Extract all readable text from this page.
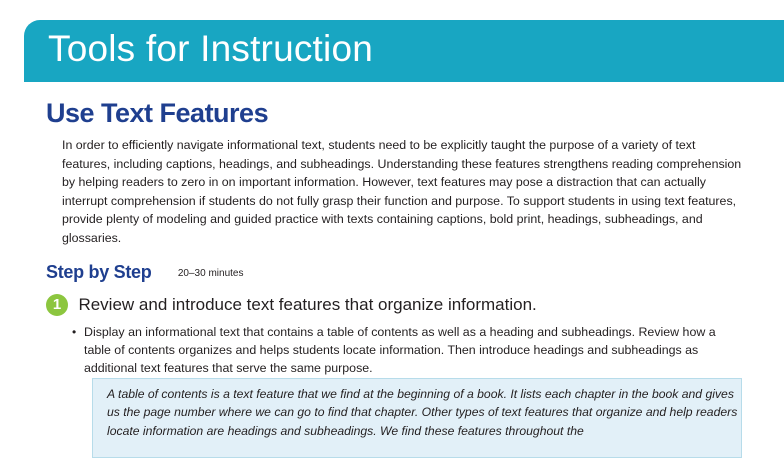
Tools for Instruction
Use Text Features
In order to efficiently navigate informational text, students need to be explicitly taught the purpose of a variety of text features, including captions, headings, and subheadings. Understanding these features strengthens reading comprehension by helping readers to zero in on important information. However, text features may pose a distraction that can actually interrupt comprehension if students do not fully grasp their function and purpose. To support students in using text features, provide plenty of modeling and guided practice with texts containing captions, bold print, headings, subheadings, and glossaries.
Step by Step	20–30 minutes
1 Review and introduce text features that organize information.
• Display an informational text that contains a table of contents as well as a heading and subheadings. Review how a table of contents organizes and helps students locate information. Then introduce headings and subheadings as additional text features that serve the same purpose.
A table of contents is a text feature that we find at the beginning of a book. It lists each chapter in the book and gives us the page number where we can go to find that chapter. Other types of text features that organize and help readers locate information are headings and subheadings. We find these features throughout the
